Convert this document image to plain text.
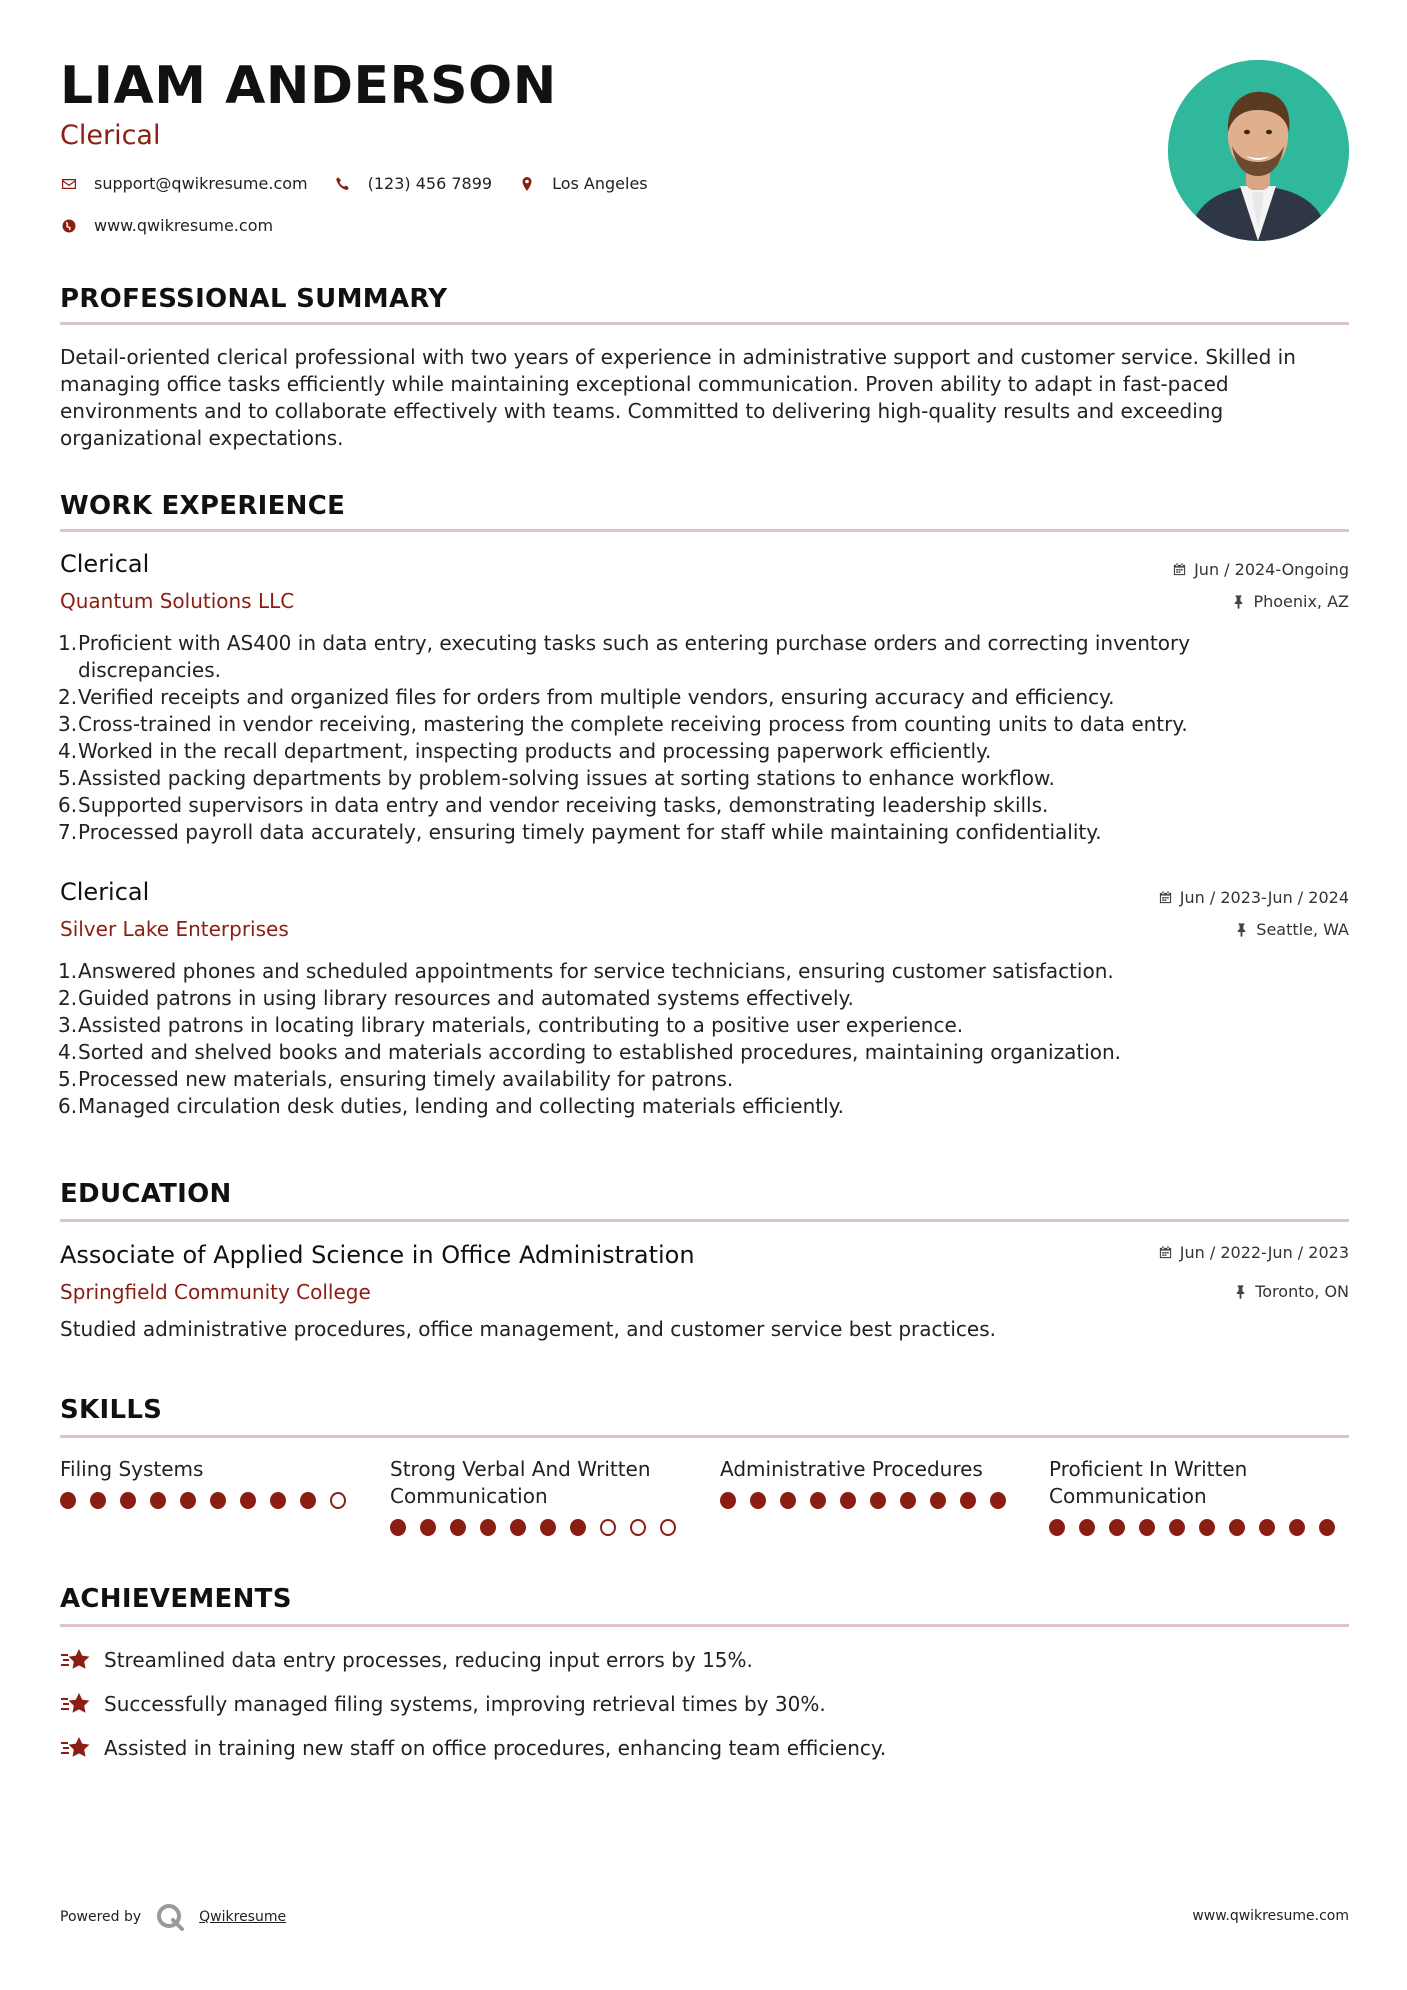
LIAM ANDERSON
Clerical
support@qwikresume.com	(123) 456 7899	Los Angeles
www.qwikresume.com
PROFESSIONAL SUMMARY
Detail-oriented clerical professional with two years of experience in administrative support and customer service. Skilled in managing office tasks efficiently while maintaining exceptional communication. Proven ability to adapt in fast-paced environments and to collaborate effectively with teams. Committed to delivering high-quality results and exceeding organizational expectations.
WORK EXPERIENCE
Clerical	Jun / 2024-Ongoing
Quantum Solutions LLC	Phoenix, AZ
Proficient with AS400 in data entry, executing tasks such as entering purchase orders and correcting inventory discrepancies.
Verified receipts and organized files for orders from multiple vendors, ensuring accuracy and efficiency.
Cross-trained in vendor receiving, mastering the complete receiving process from counting units to data entry.
Worked in the recall department, inspecting products and processing paperwork efficiently.
Assisted packing departments by problem-solving issues at sorting stations to enhance workflow.
Supported supervisors in data entry and vendor receiving tasks, demonstrating leadership skills.
Processed payroll data accurately, ensuring timely payment for staff while maintaining confidentiality.
Clerical	Jun / 2023-Jun / 2024
Silver Lake Enterprises	Seattle, WA
Answered phones and scheduled appointments for service technicians, ensuring customer satisfaction.
Guided patrons in using library resources and automated systems effectively.
Assisted patrons in locating library materials, contributing to a positive user experience.
Sorted and shelved books and materials according to established procedures, maintaining organization.
Processed new materials, ensuring timely availability for patrons.
Managed circulation desk duties, lending and collecting materials efficiently.
EDUCATION
Associate of Applied Science in Office Administration	Jun / 2022-Jun / 2023
Springfield Community College	Toronto, ON
Studied administrative procedures, office management, and customer service best practices.
SKILLS
Filing Systems	Strong Verbal And Written Communication
Administrative Procedures	Proficient In Written Communication
ACHIEVEMENTS
Streamlined data entry processes, reducing input errors by 15%.
Successfully managed filing systems, improving retrieval times by 30%.
Assisted in training new staff on office procedures, enhancing team efficiency.
Powered by	Qwikresume	www.qwikresume.com
